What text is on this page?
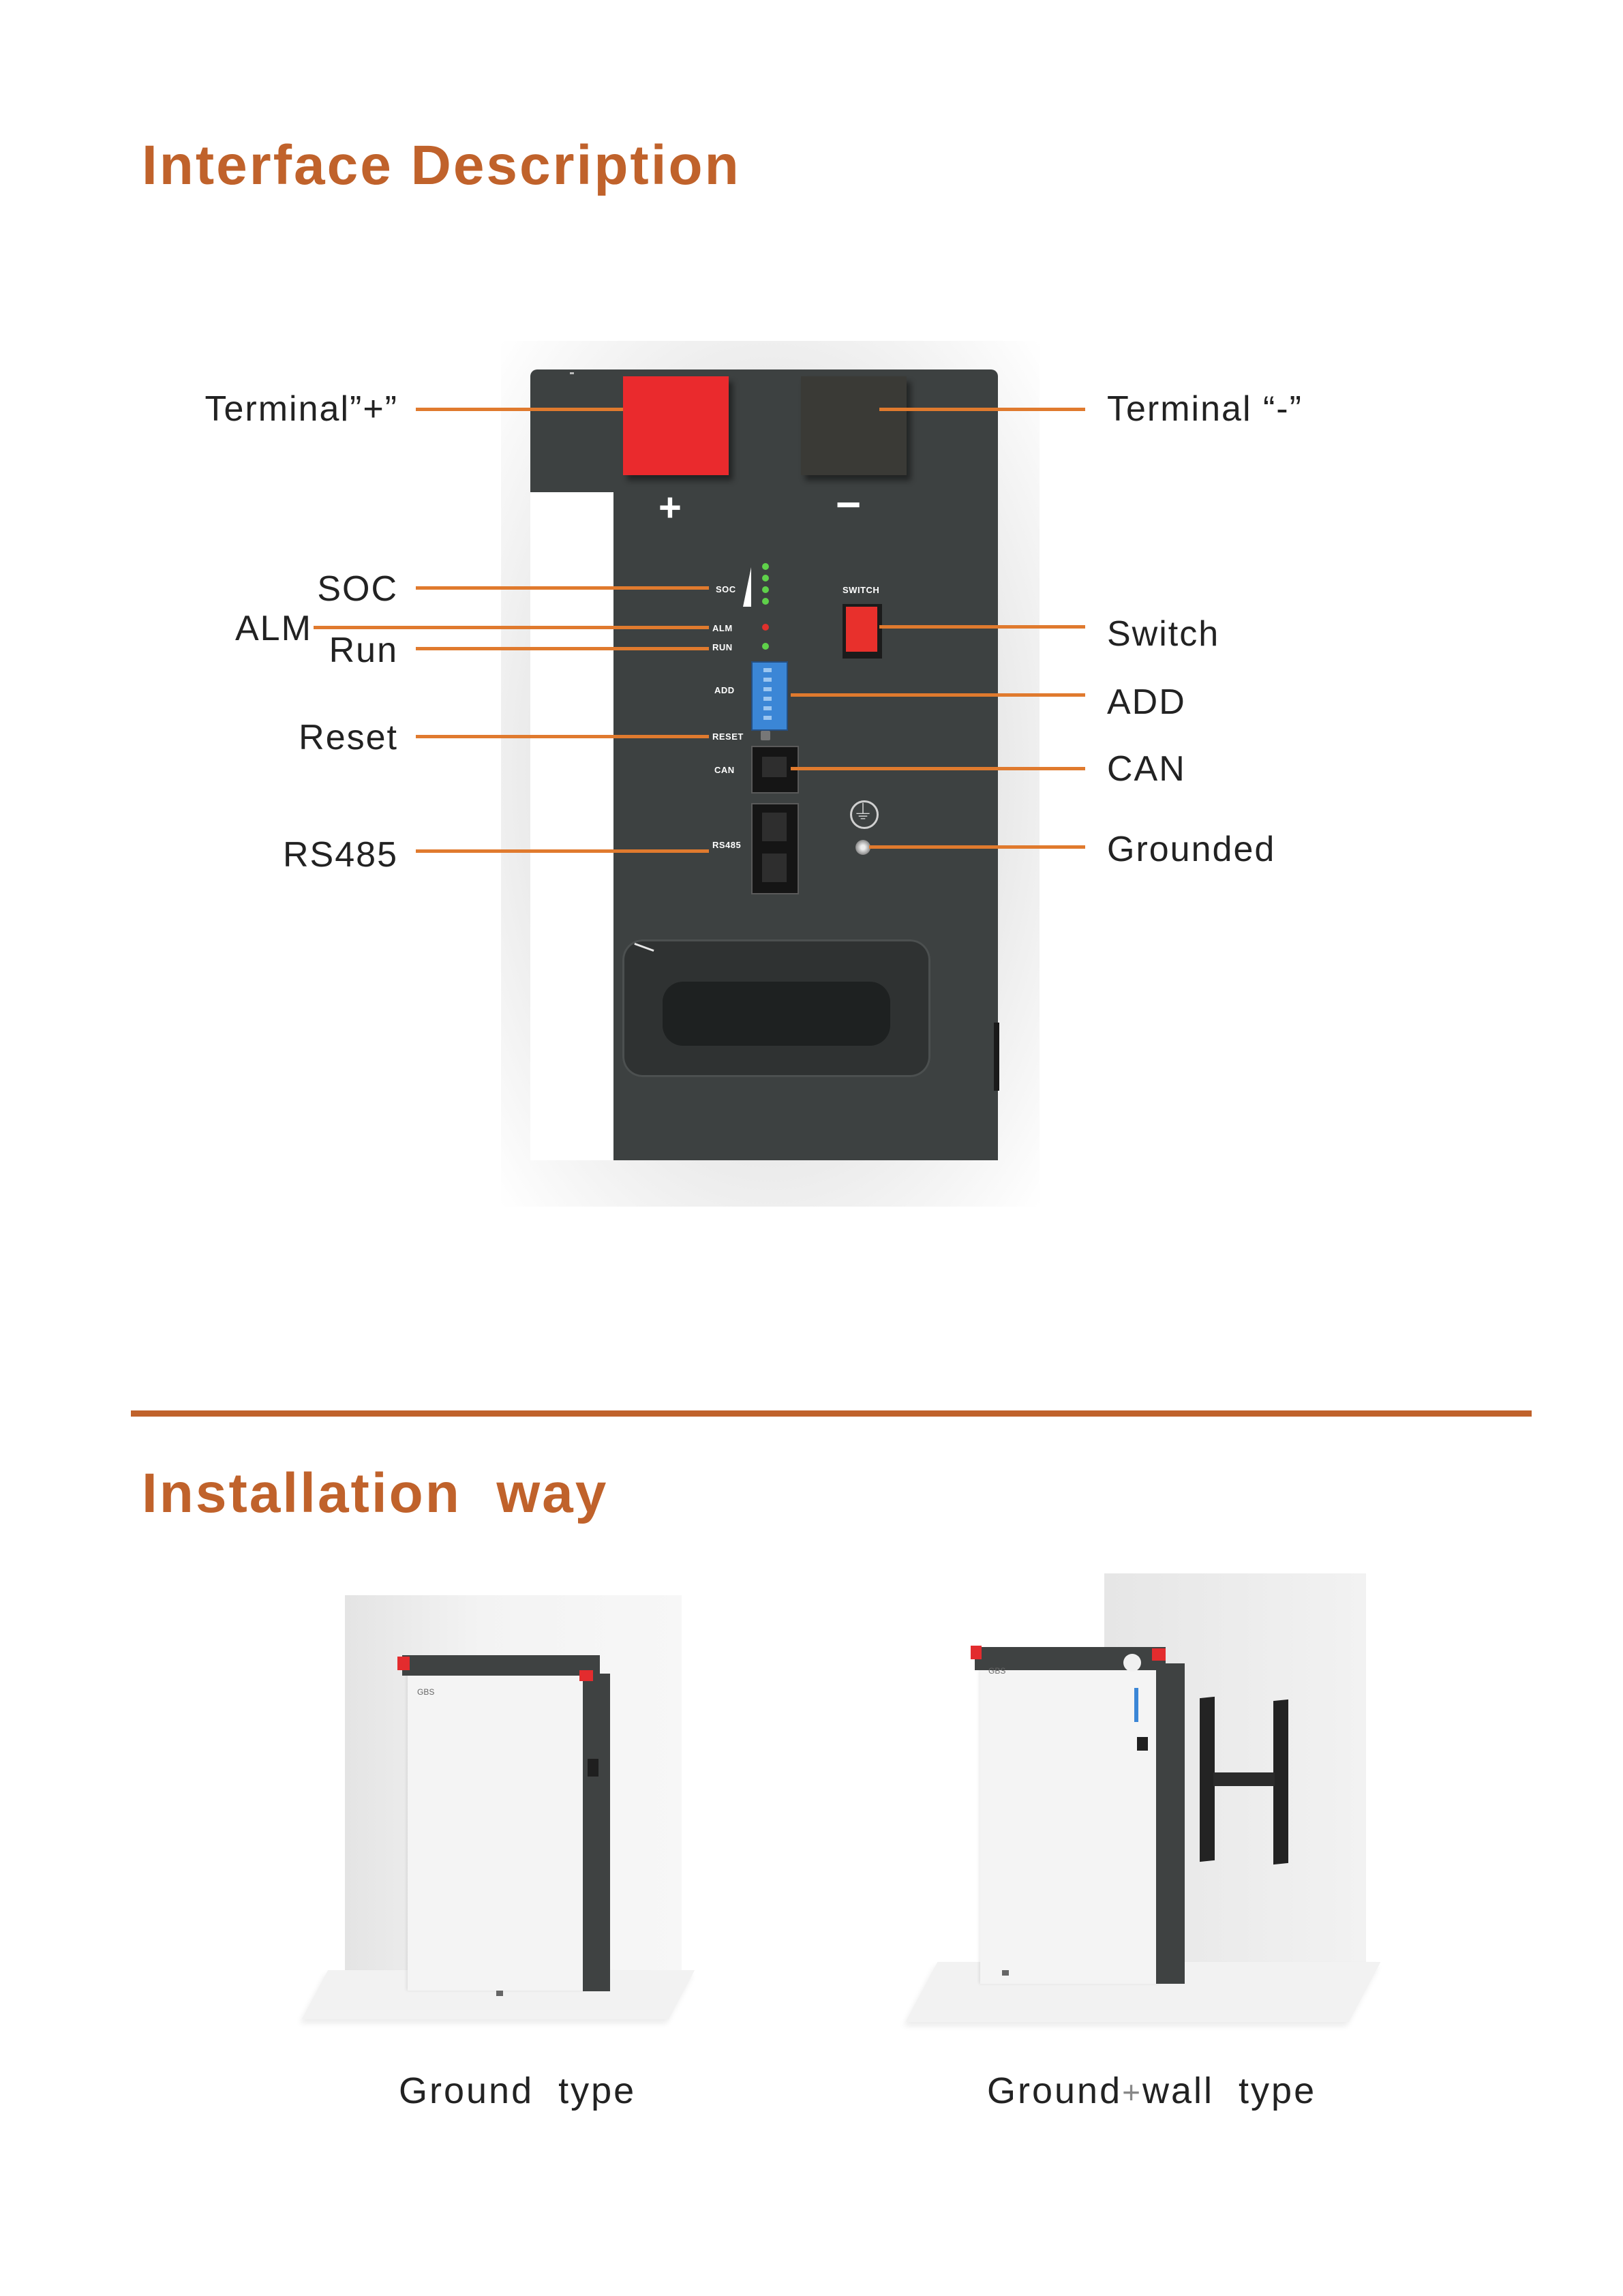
Interface Description
+	−
SOC
ALM
RUN
SWITCH
ADD
RESET
CAN
RS485
⏚
Terminal”+”
SOC
ALM
Run
Reset
RS485
Terminal “-”
Switch
ADD
CAN
Grounded
Installation  way
GBS
Ground  type
GBS
Ground+wall  type
